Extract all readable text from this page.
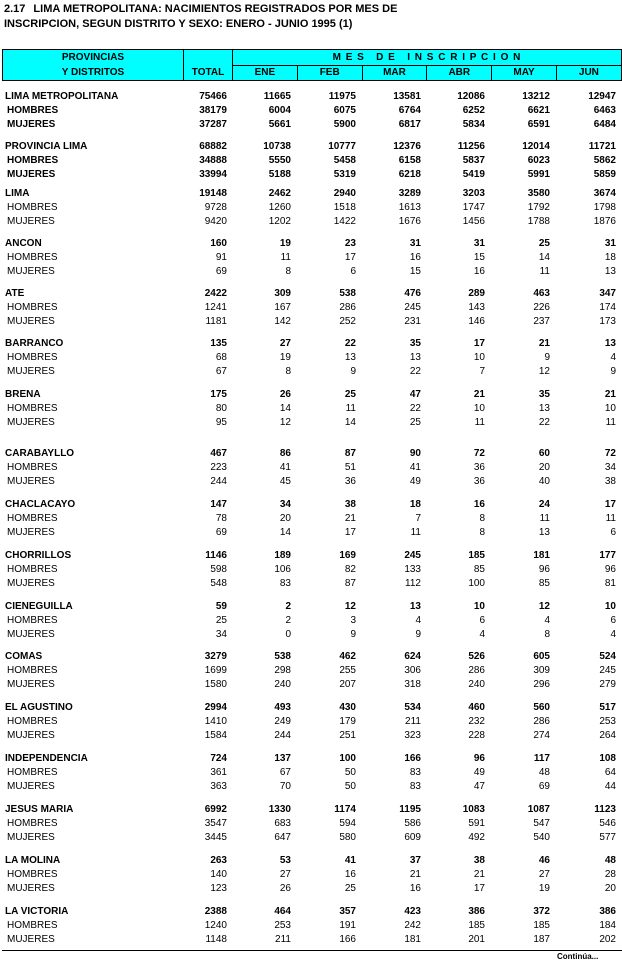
2.17 LIMA METROPOLITANA: NACIMIENTOS REGISTRADOS POR MES DE
INSCRIPCION, SEGUN DISTRITO Y SEXO: ENERO - JUNIO 1995 (1)
PROVINCIAS
Y DISTRITOS	TOTAL
M E S   D E   I N S C R I P C I O N
ENE	FEB	MAR	ABR	MAY	JUN
LIMA METROPOLITANA	75466	11665	11975	13581	12086	13212	12947
HOMBRES	38179	6004	6075	6764	6252	6621	6463
MUJERES	37287	5661	5900	6817	5834	6591	6484
PROVINCIA LIMA	68882	10738	10777	12376	11256	12014	11721
HOMBRES	34888	5550	5458	6158	5837	6023	5862
MUJERES	33994	5188	5319	6218	5419	5991	5859
LIMA	19148	2462	2940	3289	3203	3580	3674
HOMBRES	9728	1260	1518	1613	1747	1792	1798
MUJERES	9420	1202	1422	1676	1456	1788	1876
ANCON	160	19	23	31	31	25	31
HOMBRES	91	11	17	16	15	14	18
MUJERES	69	8	6	15	16	11	13
ATE	2422	309	538	476	289	463	347
HOMBRES	1241	167	286	245	143	226	174
MUJERES	1181	142	252	231	146	237	173
BARRANCO	135	27	22	35	17	21	13
HOMBRES	68	19	13	13	10	9	4
MUJERES	67	8	9	22	7	12	9
BRENA	175	26	25	47	21	35	21
HOMBRES	80	14	11	22	10	13	10
MUJERES	95	12	14	25	11	22	11
CARABAYLLO	467	86	87	90	72	60	72
HOMBRES	223	41	51	41	36	20	34
MUJERES	244	45	36	49	36	40	38
CHACLACAYO	147	34	38	18	16	24	17
HOMBRES	78	20	21	7	8	11	11
MUJERES	69	14	17	11	8	13	6
CHORRILLOS	1146	189	169	245	185	181	177
HOMBRES	598	106	82	133	85	96	96
MUJERES	548	83	87	112	100	85	81
CIENEGUILLA	59	2	12	13	10	12	10
HOMBRES	25	2	3	4	6	4	6
MUJERES	34	0	9	9	4	8	4
COMAS	3279	538	462	624	526	605	524
HOMBRES	1699	298	255	306	286	309	245
MUJERES	1580	240	207	318	240	296	279
EL AGUSTINO	2994	493	430	534	460	560	517
HOMBRES	1410	249	179	211	232	286	253
MUJERES	1584	244	251	323	228	274	264
INDEPENDENCIA	724	137	100	166	96	117	108
HOMBRES	361	67	50	83	49	48	64
MUJERES	363	70	50	83	47	69	44
JESUS MARIA	6992	1330	1174	1195	1083	1087	1123
HOMBRES	3547	683	594	586	591	547	546
MUJERES	3445	647	580	609	492	540	577
LA MOLINA	263	53	41	37	38	46	48
HOMBRES	140	27	16	21	21	27	28
MUJERES	123	26	25	16	17	19	20
LA VICTORIA	2388	464	357	423	386	372	386
HOMBRES	1240	253	191	242	185	185	184
MUJERES	1148	211	166	181	201	187	202
Continúa...
